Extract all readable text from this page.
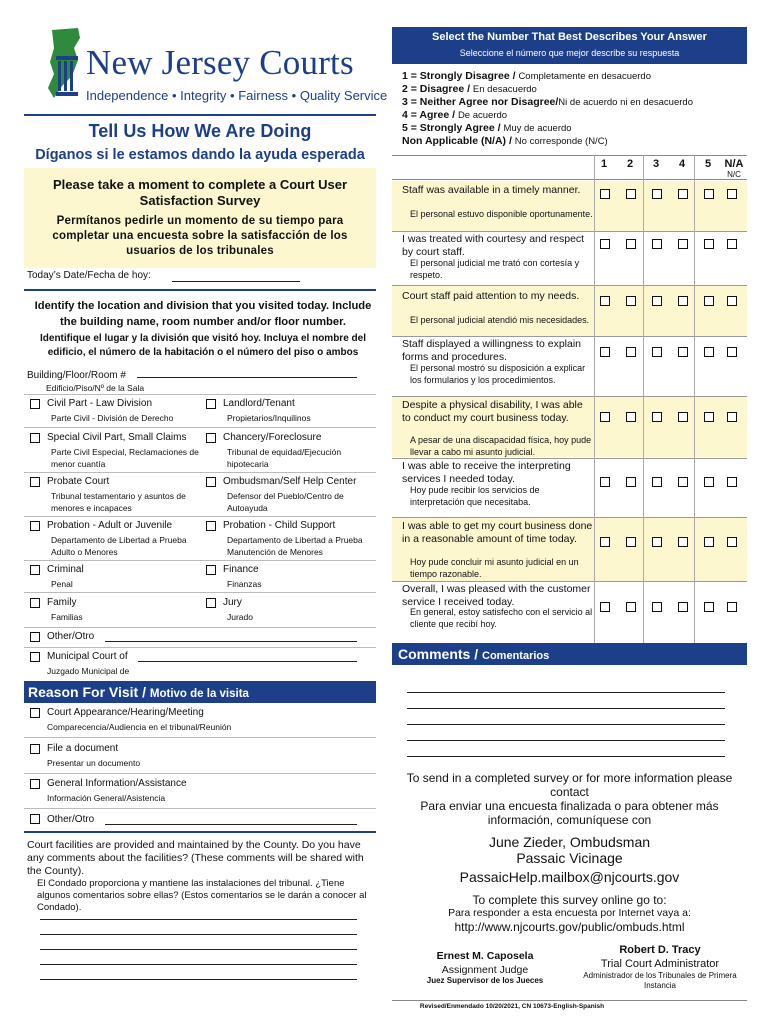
New Jersey Courts
Independence • Integrity • Fairness • Quality Service
Tell Us How We Are Doing
Díganos si le estamos dando la ayuda esperada
Please take a moment to complete a Court User Satisfaction Survey
Permítanos pedirle un momento de su tiempo para completar una encuesta sobre la satisfacción de los usuarios de los tribunales
Today’s Date/Fecha de hoy:
Identify the location and division that you visited today. Include the building name, room number and/or floor number.
Identifique el lugar y la división que visitó hoy. Incluya el nombre del edificio, el número de la habitación o el número del piso o ambos
Building/Floor/Room #
Edificio/Piso/Nº de la Sala
Civil Part - Law Division
Parte Civil - División de Derecho
Landlord/Tenant
Propietarios/Inquilinos
Special Civil Part, Small Claims
Parte Civil Especial, Reclamaciones de menor cuantía
Chancery/Foreclosure
Tribunal de equidad/Ejecución hipotecaria
Probate Court
Tribunal testamentario y asuntos de menores e incapaces
Ombudsman/Self Help Center
Defensor del Pueblo/Centro de Autoayuda
Probation - Adult or Juvenile
Departamento de Libertad a Prueba Adulto o Menores
Probation - Child Support
Departamento de Libertad a Prueba Manutención de Menores
Criminal
Penal
Finance
Finanzas
Family
Familias
Jury
Jurado
Other/Otro
Municipal Court of
Juzgado Municipal de
Reason For Visit / Motivo de la visita
Court Appearance/Hearing/Meeting
Comparecencia/Audiencia en el tribunal/Reunión
File a document
Presentar un documento
General Information/Assistance
Información General/Asistencia
Other/Otro
Court facilities are provided and maintained by the County. Do you have any comments about the facilities? (These comments will be shared with the County).
El Condado proporciona y mantiene las instalaciones del tribunal. ¿Tiene algunos comentarios sobre ellas? (Estos comentarios se le darán a conocer al Condado).
Select the Number That Best Describes Your Answer
Seleccione el número que mejor describe su respuesta
1 = Strongly Disagree / Completamente en desacuerdo
2 = Disagree / En desacuerdo
3 = Neither Agree nor Disagree/Ni de acuerdo ni en desacuerdo
4 = Agree / De acuerdo
5 = Strongly Agree / Muy de acuerdo
Non Applicable (N/A) / No corresponde (N/C)
1	2	3	4	5	N/A
N/C
Staff was available in a timely manner.
El personal estuvo disponible oportunamente.
I was treated with courtesy and respect by court staff.
El personal judicial me trató con cortesía y respeto.
Court staff paid attention to my needs.
El personal judicial atendió mis necesidades.
Staff displayed a willingness to explain forms and procedures.
El personal mostró su disposición a explicar los formularios y los procedimientos.
Despite a physical disability, I was able to conduct my court business today.
A pesar de una discapacidad física, hoy pude llevar a cabo mi asunto judicial.
I was able to receive the interpreting services I needed today.
Hoy pude recibir los servicios de interpretación que necesitaba.
I was able to get my court business done in a reasonable amount of time today.
Hoy pude concluir mi asunto judicial en un tiempo razonable.
Overall, I was pleased with the customer service I received today.
En general, estoy satisfecho con el servicio al cliente que recibí hoy.
Comments / Comentarios
To send in a completed survey or for more information please contact
Para enviar una encuesta finalizada o para obtener más información, comuníquese con
June Zieder, Ombudsman
Passaic Vicinage
PassaicHelp.mailbox@njcourts.gov
To complete this survey online go to:
Para responder a esta encuesta por Internet vaya a:
http://www.njcourts.gov/public/ombuds.html
Ernest M. Caposela
Assignment Judge
Juez Supervisor de los Jueces
Robert D. Tracy
Trial Court Administrator
Administrador de los Tribunales de Primera Instancia
Revised/Enmendado 10/20/2021, CN 10673-English-Spanish
